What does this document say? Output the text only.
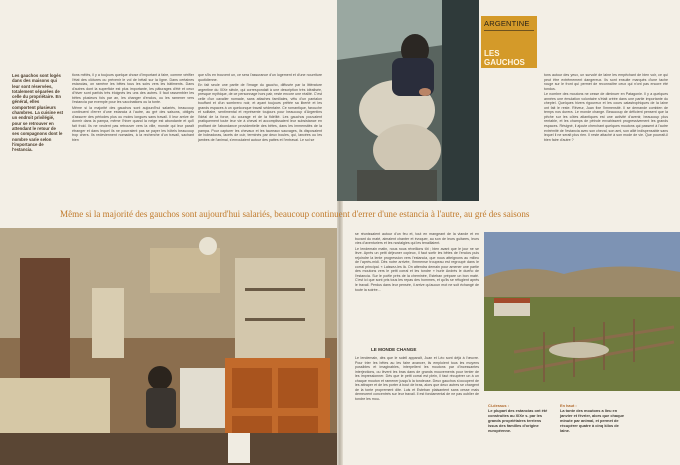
Les gauchos sont logés dans des maisons qui leur sont réservées, totalement séparées de celle du propriétaire. En général, elles comportent plusieurs chambres. La cuisine est un endroit privilégié, pour se retrouver en attendant le retour de ses compagnons dont le nombre varie selon l'importance de l'estancia.

tions mêlés, il y a toujours quelque chose d'important à faire, comme vérifier l'état des clôtures ou prévenir le vol de bétail sur la ligne. Dans certaines estancias, on ramène les bêtes tous les soirs vers les bâtiments. Dans d'autres dont la superficie est plus importante, les pâturages d'été et ceux d'hiver sont parfois très éloignés les uns des autres. Il faut rassembler les bêtes plusieurs fois par an, les changer d'enclos, ou les ramener vers l'estancia par exemple pour les vaccinations ou la tonte.

Même si la majorité des gauchos sont aujourd'hui salariés, beaucoup continuent d'errer d'une estancia à l'autre, au gré des saisons, obligés d'assurer des périodes plus ou moins longues sans travail. Il leur arrive de dormir dans la pampa, même l'hiver quand la neige est abondante et qu'il fait froid. Ils ne veulent pas retrouver vers la ville, monde qui leur paraît étranger et dans lequel ils ne pourraient pas se payer les hôtels beaucoup trop chers. Ils redeviennent nomades, à la recherche d'un travail, sachant bien

que s'ils en trouvent un, ce sera l'assurance d'un logement et d'une nourriture quotidienne.

En fait seule une partie de l'image du gaucho, diffusée par la littérature argentine du XIXe siècle, qui correspondait à une description très idéalisée, presque mythique, de ce personnage hors pair, reste encore une réalité. C'est celle d'un cavalier nomade, sans attaches familiales, vêtu d'un pantalon bouffant et d'un sombrero noir, et ayant toujours prêtée sa liberté et les grands espaces à un quelconque travail sédentaire. Ce romantique, farouche et solitaire, sentimental et représente toujours pour beaucoup d'Argentins l'idéal de la force, du courage et de la fidélité. Les gauchos pouvaient pratiquement toute leur vie à cheval et accomplissaient leur subsistance en profitant de l'abondance providentielle des bêtes, dans les immensités de la pampa. Pour capturer les chevaux et les taureaux sauvages, ils disposaient de boleadoras, lacets de cuir, terminés par deux boules, qui, lancées ou les jambes de l'animal, s'enroulaient autour des pattes et l'entravai. Le sol se

ARGENTINE
LES
GAUCHOS

tons autour des yeux, un survolé de laine les empêchant de bien voir, ce qui peut être extrêmement dangereux. Ils sont ensuite marqués d'une tache rouge sur le front qui permet de reconnaître ceux qui n'ont pas encore été tondus.

Le nombre des moutons ne cesse de diminuer en Patagonie. Il y a quelques années une émulation volontaire s'était créée dans une partie importante du cheptel. Quelques hivers rigoureux et les cours catastrophiques de la laine ont fait le reste. Rêveur, Juan fixe l'immensité. Il se demande combien de temps nos durera. Le monde change. Beaucoup de déficient pensent que la pêche sur les côtes atlantiques est une activité d'avenir, beaucoup plus rentable, et les champs de pétrole envahissent progressivement les grands espaces. Résigné, il ajoute cherchant quelques moutons qui passent à l'autre extrémité de l'estancia avec son cheval, son ami, son allié indispensable sans lequel il ne serait plus rien. Il reste attaché à son mode de vie. Que pourrait-il bien faire d'autre ?

Même si la majorité des gauchos sont aujourd'hui salariés, beaucoup continuent d'errer d'une estancia à l'autre, au gré des saisons

se réunissaient autour d'un feu et, tout en mangeant de la viande et en buvant du maté, aimaient chanter et évoquer, au son de leurs guitares, leurs vies d'aventuriers et les nostalgies qui les tenaillaient.

Le lendemain matin, nous nous réveillons tôt ; bien avant que le jour ne se lève. Après un petit déjeuner copieux, il faut sortir les bêtes de l'enclos puis rejoindre la lente progression vers l'estancia, que nous atteignons au milieu de l'après-midi. Dès notre arrivée, l'immense troupeau est regroupé dans le corral principal. « Laissez-les là. On attendra demain pour amener une partie des moutons vers le petit corral et les tondre » hurle Andrés le dueño de l'estancia. Sur le poêle près de la cheminée, Esteban prépare un bon maté. C'est ici que sont pris tous les repas des hommes, et qu'ils se réfugient après le travail. Perdus dans leur pensée, il arrive qu'aucun mot ne soit échangé de toute la soirée...

LE MONDE CHANGE

Le lendemain, dès que le soleil apparaît, Juan et Léo sont déjà à l'œuvre. Pour trier les bêtes au les faire avancer, ils emploient tous les moyens possibles et imaginables, interpellent les moutons par d'incessantes interjections, ou lèvent les bras dans de grands mouvements pour tenter de les impressionner. Dès que le petit corral est plein, il faut récupérer un à un chaque mouton et ramener jusqu'à la tondeuse. Deux gauchos s'occupent de les attraper et de les porter à bout de bras, alors que deux autres se chargent de la tonte proprement dite. Luis et Esteban plaisantent sans cesse mais demeurent concentrés sur leur travail. Il est fondamental de ne pas oublier de tondre les mou-

Ci-dessus :
Le plupart des estancias ont été construites au XIXe s. par les grands propriétaires terriens issus des familles d'origine européenne.
En haut :
La tonte des moutons a lieu en janvier et février, alors que chaque minute par animal, et permet de récupérer quatre à cinq kilos de laine.
